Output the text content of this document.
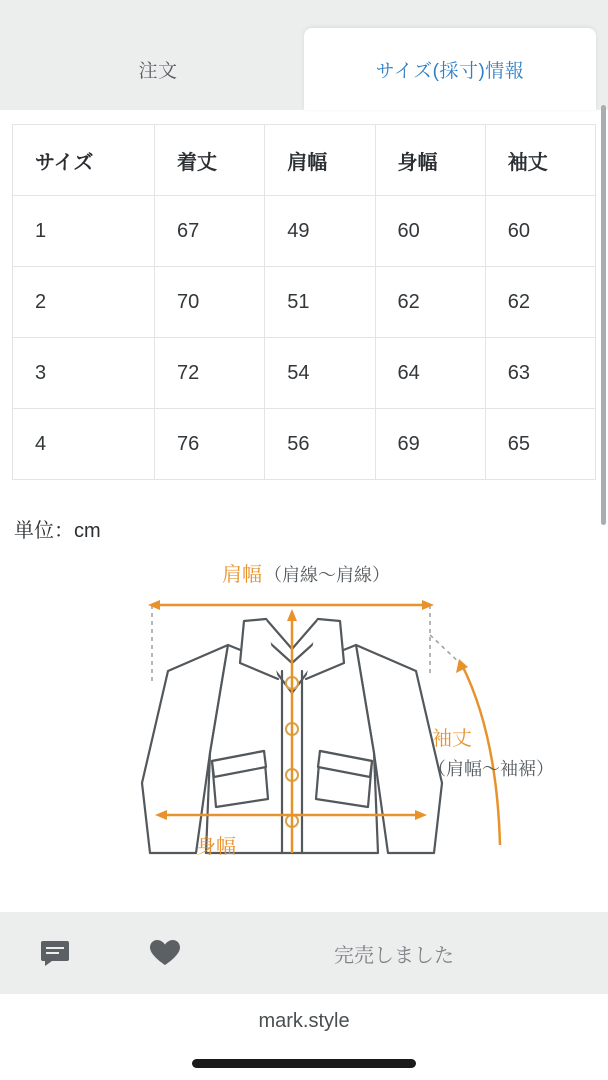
注文	サイズ(採寸)情報
サイズ	着丈	肩幅	身幅	袖丈
1	67	49	60	60
2	70	51	62	62
3	72	54	64	63
4	76	56	69	65
単位：cm
肩幅 （肩線〜肩線）
袖丈
（肩幅〜袖裾）
身幅
完売しました
mark.style
